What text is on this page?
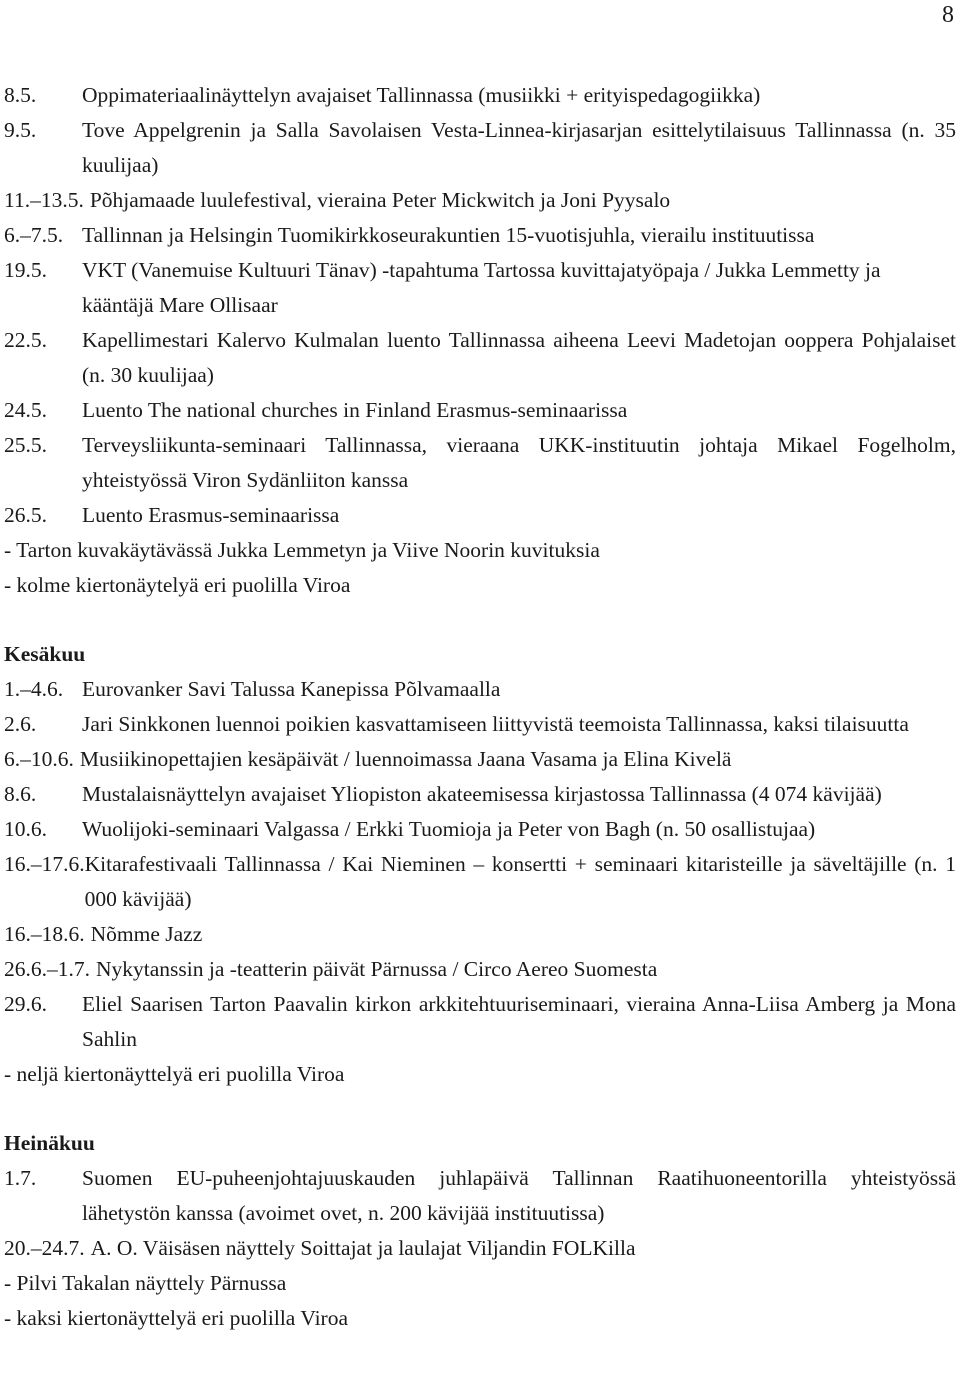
8
8.5.	Oppimateriaalinäyttelyn avajaiset Tallinnassa (musiikki + erityispedagogiikka)
9.5.	Tove Appelgrenin ja Salla Savolaisen Vesta-Linnea-kirjasarjan esittelytilaisuus Tallinnassa (n. 35 kuulijaa)
11.–13.5. Põhjamaade luulefestival, vieraina Peter Mickwitch ja Joni Pyysalo
6.–7.5. Tallinnan ja Helsingin Tuomikirkkoseurakuntien 15-vuotisjuhla, vierailu instituutissa
19.5.	VKT (Vanemuise Kultuuri Tänav) -tapahtuma Tartossa kuvittajatyöpaja / Jukka Lemmetty ja kääntäjä Mare Ollisaar
22.5.	Kapellimestari Kalervo Kulmalan luento Tallinnassa aiheena Leevi Madetojan ooppera Pohjalaiset (n. 30 kuulijaa)
24.5.	Luento The national churches in Finland Erasmus-seminaarissa
25.5.	Terveysliikunta-seminaari Tallinnassa, vieraana UKK-instituutin johtaja Mikael Fogelholm, yhteistyössä Viron Sydänliiton kanssa
26.5.	Luento Erasmus-seminaarissa
- Tarton kuvakäytävässä Jukka Lemmetyn ja Viive Noorin kuvituksia
- kolme kiertonäytelyä eri puolilla Viroa
Kesäkuu
1.–4.6. Eurovanker Savi Talussa Kanepissa Põlvamaalla
2.6.	Jari Sinkkonen luennoi poikien kasvattamiseen liittyvistä teemoista Tallinnassa, kaksi tilaisuutta
6.–10.6. Musiikinopettajien kesäpäivät / luennoimassa Jaana Vasama ja Elina Kivelä
8.6.	Mustalaisnäyttelyn avajaiset Yliopiston akateemisessa kirjastossa Tallinnassa (4 074 kävijää)
10.6.	Wuolijoki-seminaari Valgassa / Erkki Tuomioja ja Peter von Bagh (n. 50 osallistujaa)
16.–17.6. Kitarafestivaali Tallinnassa / Kai Nieminen – konsertti + seminaari kitaristeille ja säveltäjille (n. 1 000 kävijää)
16.–18.6. Nõmme Jazz
26.6.–1.7. Nykytanssin ja -teatterin päivät Pärnussa / Circo Aereo Suomesta
29.6.	Eliel Saarisen Tarton Paavalin kirkon arkkitehtuuriseminaari, vieraina Anna-Liisa Amberg ja Mona Sahlin
- neljä kiertonäyttelyä eri puolilla Viroa
Heinäkuu
1.7.	Suomen EU-puheenjohtajuuskauden juhlapäivä Tallinnan Raatihuoneentorilla yhteistyössä lähetystön kanssa (avoimet ovet, n. 200 kävijää instituutissa)
20.–24.7. A. O. Väisäsen näyttely Soittajat ja laulajat Viljandin FOLKilla
- Pilvi Takalan näyttely Pärnussa
- kaksi kiertonäyttelyä eri puolilla Viroa
